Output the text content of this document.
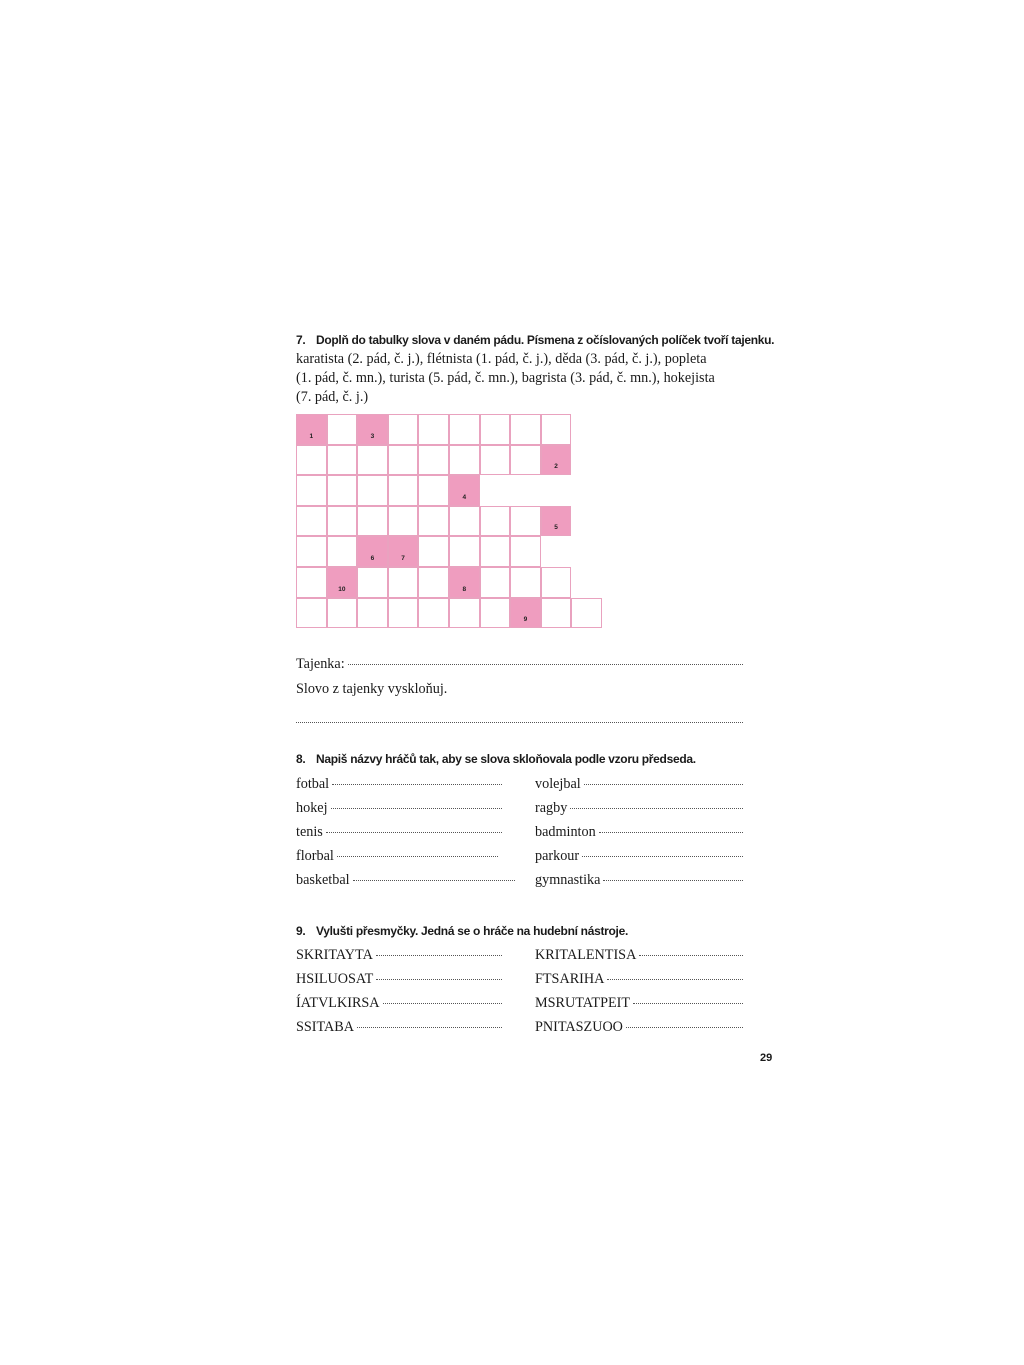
7. Doplň do tabulky slova v daném pádu. Písmena z očíslovaných políček tvoří tajenku.
karatista (2. pád, č. j.), flétnista (1. pád, č. j.), děda (3. pád, č. j.), popleta
(1. pád, č. mn.), turista (5. pád, č. mn.), bagrista (3. pád, č. mn.), hokejista
(7. pád, č. j.)
1	3
2
4
5
6	7
10	8
9
Tajenka:
Slovo z tajenky vyskloňuj.
8. Napiš názvy hráčů tak, aby se slova skloňovala podle vzoru předseda.
fotbal
hokej
tenis
florbal
basketbal
volejbal
ragby
badminton
parkour
gymnastika
9. Vylušti přesmyčky. Jedná se o hráče na hudební nástroje.
SKRITAYTA
HSILUOSAT
ÍATVLKIRSA
SSITABA
KRITALENTISA
FTSARIHA
MSRUTATPEIT
PNITASZUOO
29
